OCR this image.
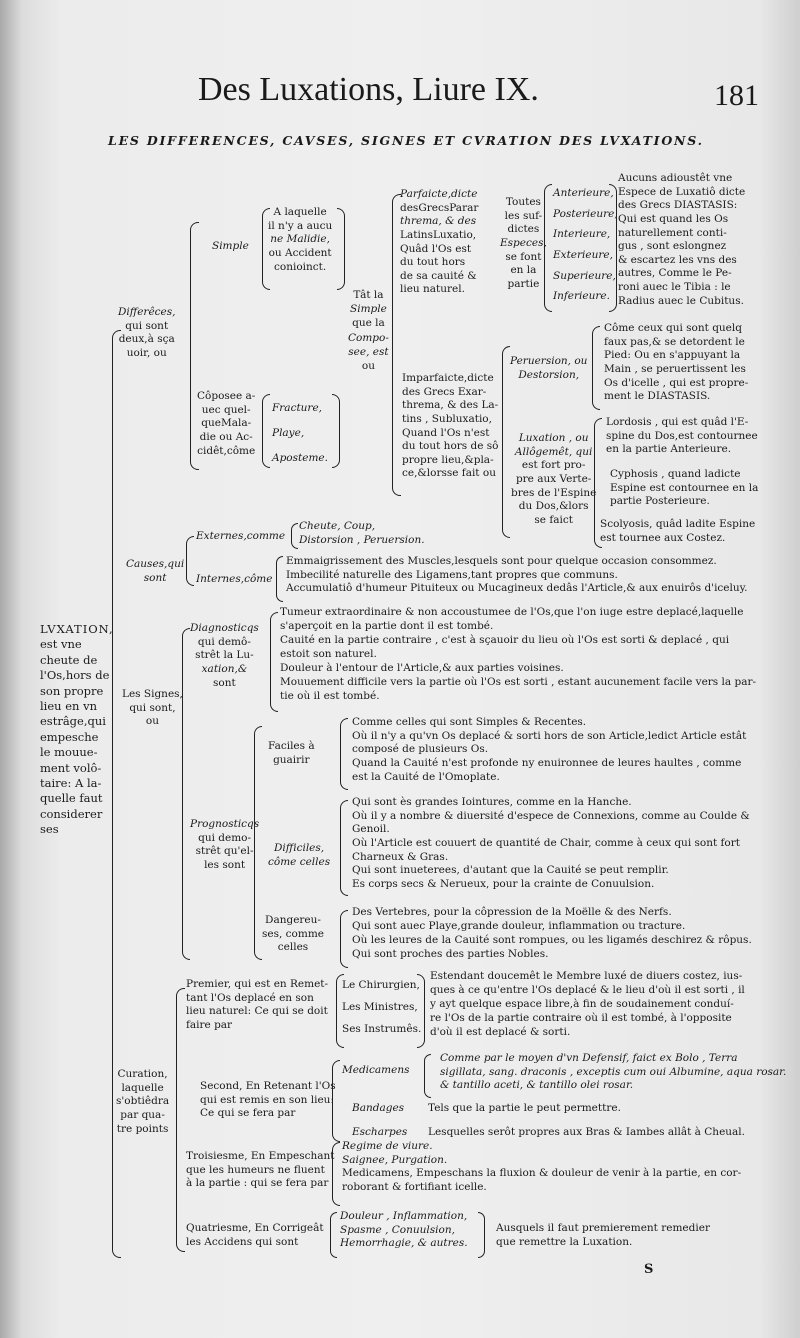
Des Luxations, Liure IX.	181
LES DIFFERENCES, CAVSES, SIGNES ET CVRATION DES LVXATIONS.
LVXATION,
est vne
cheute de
l'Os,hors de
son propre
lieu en vn
estrâge,qui
empesche
le mouue-
ment volô-
taire: A la-
quelle faut
considerer
ses
Differêces,
qui sont
deux,à sça
uoir, ou
Simple
A laquelle
il n'y a aucu
ne Malidie,
ou Accident
conioinct.
Côposee a-
uec quel-
queMala-
die ou Ac-
cidêt,côme
Fracture,
Playe,
Aposteme.
Tât la
Simple
que la
Compo-
see, est
ou
Parfaicte,dicte
desGrecsParar
threma, & des
LatinsLuxatio,
Quâd l'Os est
du tout hors
de sa cauité &
lieu naturel.
Toutes
les suf-
dictes
Especes,
se font
en la
partie
Anterieure,
Posterieure,
Interieure,
Exterieure,
Superieure,
Inferieure.
Aucuns adioustêt vne
Espece de Luxatiô dicte
des Grecs DIASTASIS:
Qui est quand les Os
naturellement conti-
gus , sont eslongnez
& escartez les vns des
autres, Comme le Pe-
roni auec le Tibia : le
Radius auec le Cubitus.
Imparfaicte,dicte
des Grecs Exar-
threma, & des La-
tins , Subluxatio,
Quand l'Os n'est
du tout hors de sô
propre lieu,&pla-
ce,&lorsse fait ou
Peruersion, ou
Destorsion,
Côme ceux qui sont quelq
faux pas,& se detordent le
Pied: Ou en s'appuyant la
Main , se peruertissent les
Os d'icelle , qui est propre-
ment le DIASTASIS.
Luxation , ou
Allôgemêt, qui
est fort pro-
pre aux Verte-
bres de l'Espine
du Dos,&lors
se faict
Lordosis , qui est quâd l'E-
spine du Dos,est contournee
en la partie Anterieure.
Cyphosis , quand ladicte
Espine est contournee en la
partie Posterieure.
Scolyosis, quâd ladite Espine
est tournee aux Costez.
Causes,qui
sont
Externes,comme
Cheute, Coup,
Distorsion , Peruersion.
Internes,côme
Emmaigrissement des Muscles,lesquels sont pour quelque occasion consommez.
Imbecilité naturelle des Ligamens,tant propres que communs.
Accumulatiô d'humeur Pituiteux ou Mucagineux dedâs l'Article,& aux enuirôs d'iceluy.
Les Signes,
qui sont,
ou
Diagnosticqs
qui demô-
strêt la Lu-
xation,&
sont
Tumeur extraordinaire & non accoustumee de l'Os,que l'on iuge estre deplacé,laquelle
s'aperçoit en la partie dont il est tombé.
Cauité en la partie contraire , c'est à sçauoir du lieu où l'Os est sorti & deplacé , qui
estoit son naturel.
Douleur à l'entour de l'Article,& aux parties voisines.
Mouuement difficile vers la partie où l'Os est sorti , estant aucunement facile vers la par-
tie où il est tombé.
Prognosticqs
qui demo-
strêt qu'el-
les sont
Faciles à
guairir
Comme celles qui sont Simples & Recentes.
Où il n'y a qu'vn Os deplacé & sorti hors de son Article,ledict Article estât
composé de plusieurs Os.
Quand la Cauité n'est profonde ny enuironnee de leures haultes , comme
est la Cauité de l'Omoplate.
Difficiles,
côme celles
Qui sont ès grandes Iointures, comme en la Hanche.
Où il y a nombre & diuersité d'espece de Connexions, comme au Coulde &
Genoil.
Où l'Article est couuert de quantité de Chair, comme à ceux qui sont fort
Charneux & Gras.
Qui sont inueterees, d'autant que la Cauité se peut remplir.
Es corps secs & Nerueux, pour la crainte de Conuulsion.
Dangereu-
ses, comme
celles
Des Vertebres, pour la côpression de la Moëlle & des Nerfs.
Qui sont auec Playe,grande douleur, inflammation ou tracture.
Où les leures de la Cauité sont rompues, ou les ligamés deschirez & rôpus.
Qui sont proches des parties Nobles.
Curation,
laquelle
s'obtiêdra
par qua-
tre points
Premier, qui est en Remet-
tant l'Os deplacé en son
lieu naturel: Ce qui se doit
faire par
Le Chirurgien,
Les Ministres,
Ses Instrumês.
Estendant doucemêt le Membre luxé de diuers costez, ius-
ques à ce qu'entre l'Os deplacé & le lieu d'où il est sorti , il
y ayt quelque espace libre,à fin de soudainement conduí-
re l'Os de la partie contraire où il est tombé, à l'opposite
d'où il est deplacé & sorti.
Second, En Retenant l'Os
qui est remis en son lieu:
Ce qui se fera par
Medicamens
Comme par le moyen d'vn Defensif, faict ex Bolo , Terra
sigillata, sang. draconis , exceptis cum oui Albumine, aqua rosar.
& tantillo aceti, & tantillo olei rosar.
Bandages Tels que la partie le peut permettre.
Escharpes Lesquelles serôt propres aux Bras & Iambes allât à Cheual.
Troisiesme, En Empeschant
que les humeurs ne fluent
à la partie : qui se fera par
Regime de viure.
Saignee, Purgation.
Medicamens, Empeschans la fluxion & douleur de venir à la partie, en cor-
roborant & fortifiant icelle.
Quatriesme, En Corrigeât
les Accidens qui sont
Douleur , Inflammation,
Spasme , Conuulsion,
Hemorrhagie, & autres.
Ausquels il faut premierement remedier
que remettre la Luxation.
S
